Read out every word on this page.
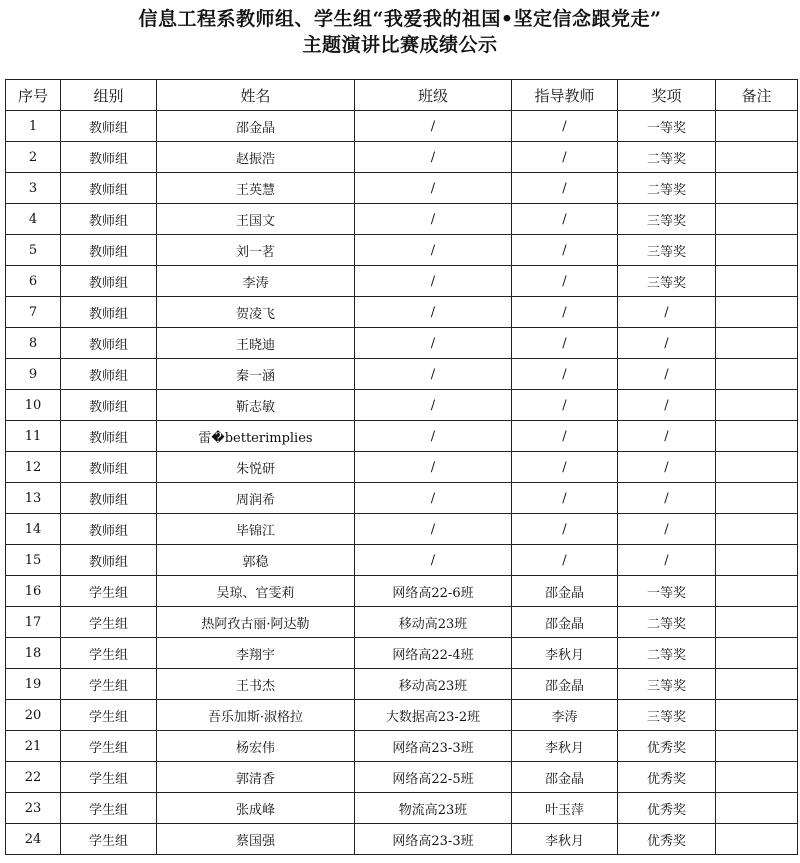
信息工程系教师组、学生组“我爱我的祖国•坚定信念跟党走”
主题演讲比赛成绩公示
序号	组别	姓名	班级	指导教师	奖项	备注
1	教师组	邵金晶	/	/	一等奖	
2	教师组	赵振浩	/	/	二等奖	
3	教师组	王英慧	/	/	二等奖	
4	教师组	王国文	/	/	三等奖	
5	教师组	刘一茗	/	/	三等奖	
6	教师组	李涛	/	/	三等奖	
7	教师组	贺凌飞	/	/	/	
8	教师组	王晓迪	/	/	/	
9	教师组	秦一涵	/	/	/	
10	教师组	靳志敏	/	/	/	
11	教师组	雷�betterimplies	/	/	/	
12	教师组	朱悦研	/	/	/	
13	教师组	周润希	/	/	/	
14	教师组	毕锦江	/	/	/	
15	教师组	郭稳	/	/	/	
16	学生组	吴琼、官雯莉	网络高22-6班	邵金晶	一等奖	
17	学生组	热阿孜古丽·阿达勒	移动高23班	邵金晶	二等奖	
18	学生组	李翔宇	网络高22-4班	李秋月	二等奖	
19	学生组	王书杰	移动高23班	邵金晶	三等奖	
20	学生组	吾乐加斯·淑格拉	大数据高23-2班	李涛	三等奖	
21	学生组	杨宏伟	网络高23-3班	李秋月	优秀奖	
22	学生组	郭清香	网络高22-5班	邵金晶	优秀奖	
23	学生组	张成峰	物流高23班	叶玉萍	优秀奖	
24	学生组	蔡国强	网络高23-3班	李秋月	优秀奖	
